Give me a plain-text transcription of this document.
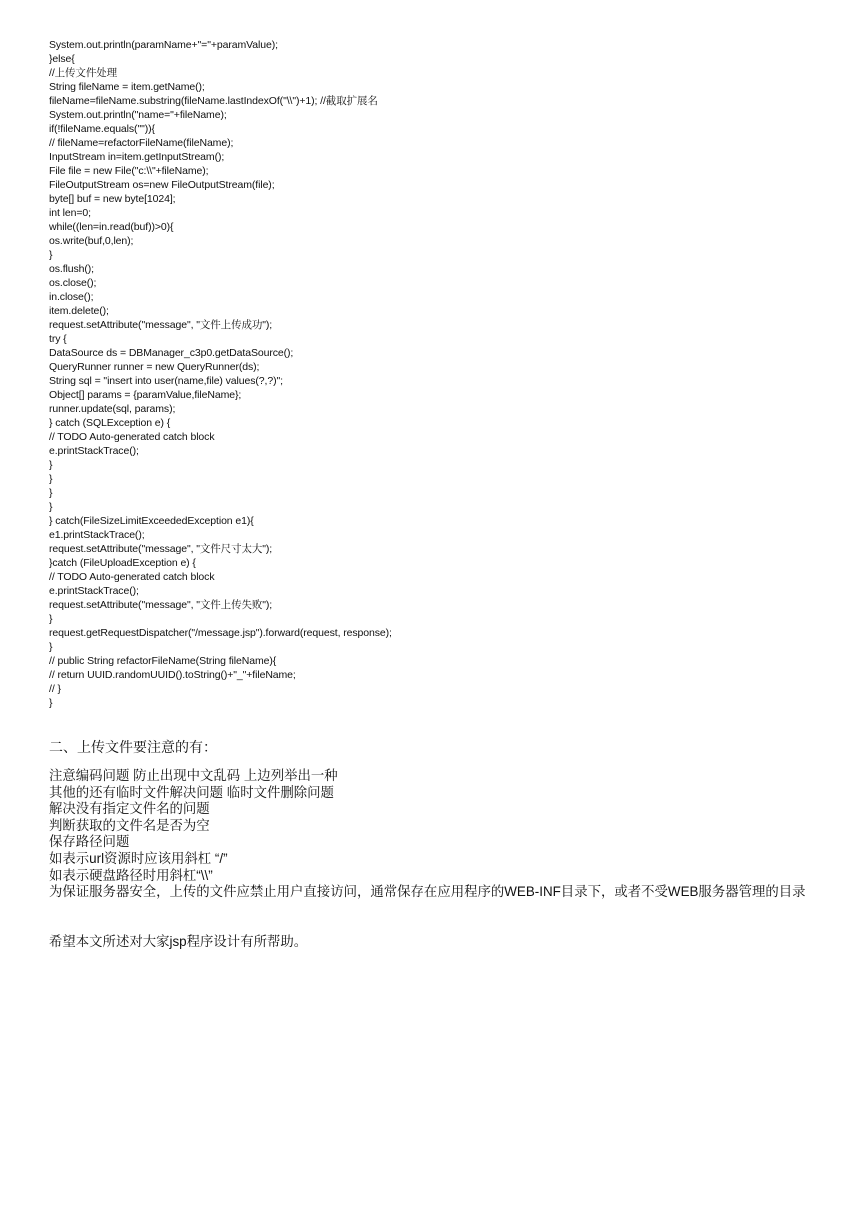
System.out.println(paramName+"="+paramValue);
}else{
//上传文件处理
String fileName = item.getName();
fileName=fileName.substring(fileName.lastIndexOf("\\")+1); //截取扩展名
System.out.println("name="+fileName);
if(!fileName.equals("")){
// fileName=refactorFileName(fileName);
InputStream in=item.getInputStream();
File file = new File("c:\\"+fileName);
FileOutputStream os=new FileOutputStream(file);
byte[] buf = new byte[1024];
int len=0;
while((len=in.read(buf))>0){
os.write(buf,0,len);
}
os.flush();
os.close();
in.close();
item.delete();
request.setAttribute("message", "文件上传成功");
try {
DataSource ds = DBManager_c3p0.getDataSource();
QueryRunner runner = new QueryRunner(ds);
String sql = "insert into user(name,file) values(?,?)";
Object[] params = {paramValue,fileName};
runner.update(sql, params);
} catch (SQLException e) {
// TODO Auto-generated catch block
e.printStackTrace();
}
}
}
}
} catch(FileSizeLimitExceededException e1){
e1.printStackTrace();
request.setAttribute("message", "文件尺寸太大");
}catch (FileUploadException e) {
// TODO Auto-generated catch block
e.printStackTrace();
request.setAttribute("message", "文件上传失败");
}
request.getRequestDispatcher("/message.jsp").forward(request, response);
}
// public String refactorFileName(String fileName){
// return UUID.randomUUID().toString()+"_"+fileName;
// }
}
二、上传文件要注意的有：
注意编码问题 防止出现中文乱码 上边列举出一种
其他的还有临时文件解决问题 临时文件删除问题
解决没有指定文件名的问题
判断获取的文件名是否为空
保存路径问题
如表示url资源时应该用斜杠 “/”
如表示硬盘路径时用斜杠“\\”
为保证服务器安全，上传的文件应禁止用户直接访问，通常保存在应用程序的WEB-INF目录下，或者不受WEB服务器管理的目录
希望本文所述对大家jsp程序设计有所帮助。
